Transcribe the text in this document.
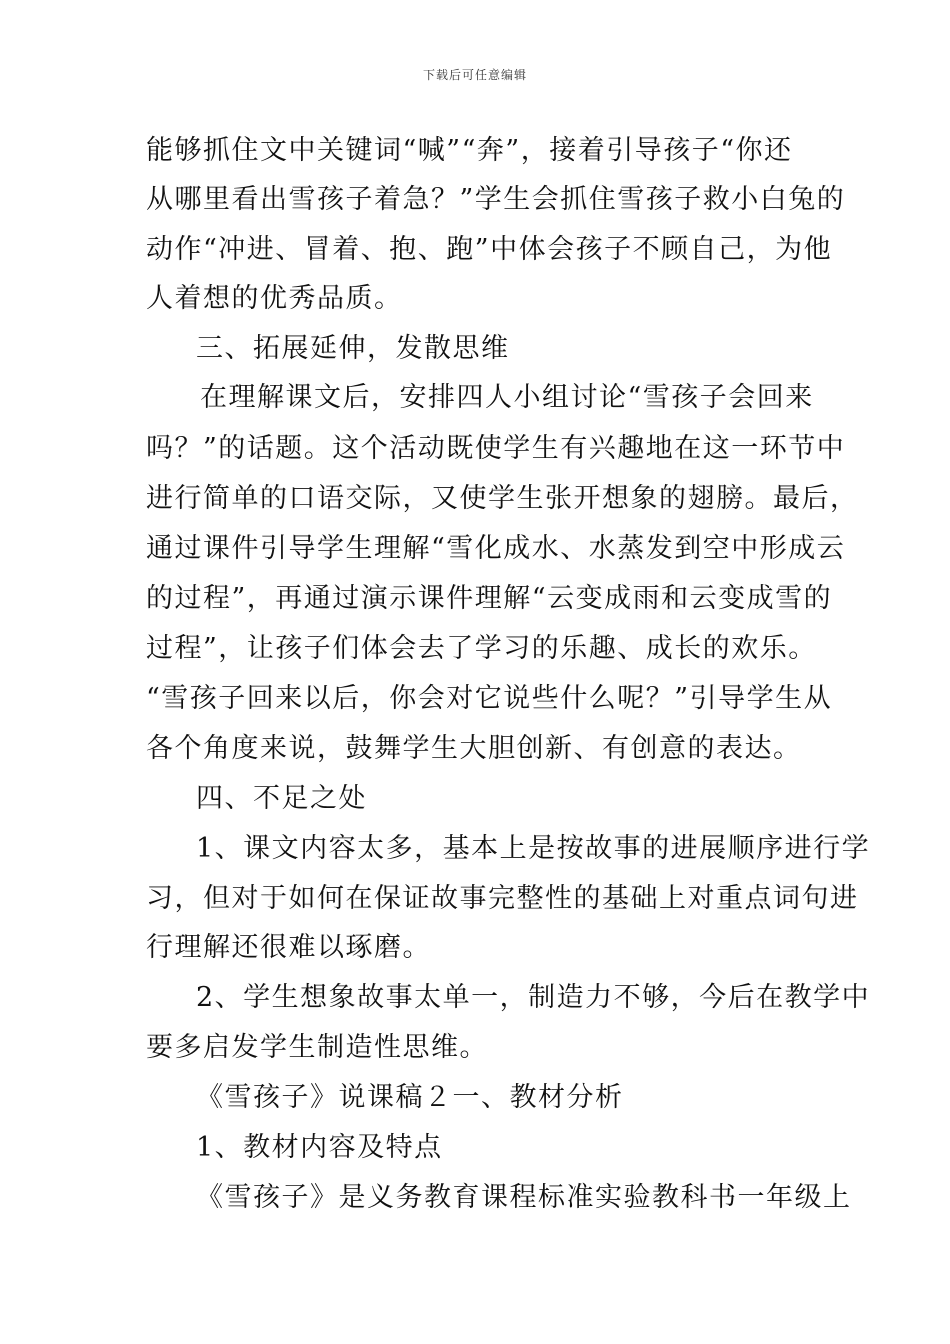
下载后可任意编辑
能够抓住文中关键词“喊”“奔”，接着引导孩子“你还
从哪里看出雪孩子着急？”学生会抓住雪孩子救小白兔的
动作“冲进、冒着、抱、跑”中体会孩子不顾自己，为他
人着想的优秀品质。
三、拓展延伸，发散思维
在理解课文后，安排四人小组讨论“雪孩子会回来
吗？”的话题。这个活动既使学生有兴趣地在这一环节中
进行简单的口语交际，又使学生张开想象的翅膀。最后，
通过课件引导学生理解“雪化成水、水蒸发到空中形成云
的过程”，再通过演示课件理解“云变成雨和云变成雪的
过程”，让孩子们体会去了学习的乐趣、成长的欢乐。
“雪孩子回来以后，你会对它说些什么呢？”引导学生从
各个角度来说，鼓舞学生大胆创新、有创意的表达。
四、不足之处
1、课文内容太多，基本上是按故事的进展顺序进行学
习，但对于如何在保证故事完整性的基础上对重点词句进
行理解还很难以琢磨。
2、学生想象故事太单一，制造力不够，今后在教学中
要多启发学生制造性思维。
《雪孩子》说课稿２一、教材分析
1、教材内容及特点
《雪孩子》是义务教育课程标准实验教科书一年级上
